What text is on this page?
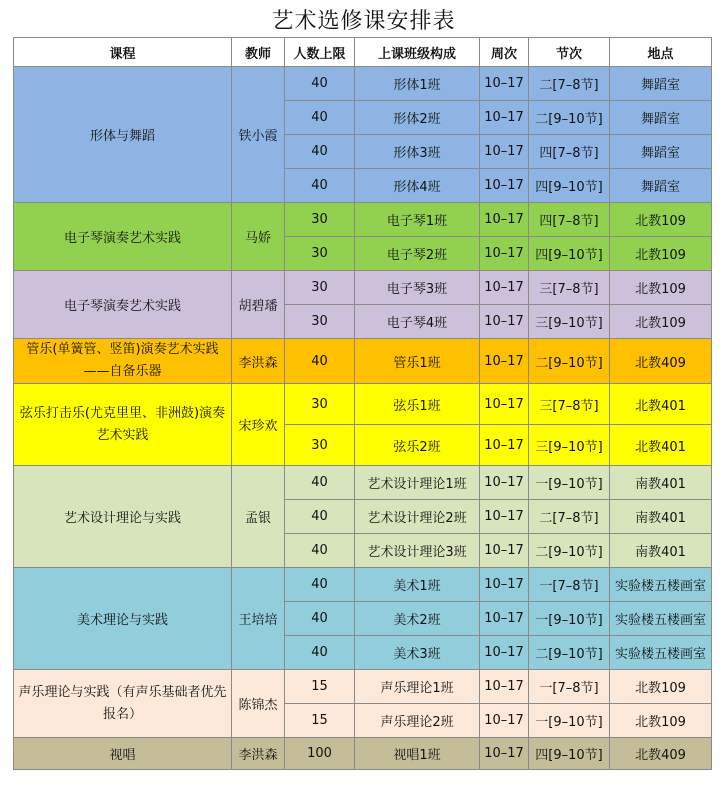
艺术选修课安排表
课程	教师	人数上限	上课班级构成	周次	节次	地点
形体与舞蹈	铁小霞	40	形体1班	10–17	二[7–8节]	舞蹈室
		40	形体2班	10–17	二[9–10节]	舞蹈室
		40	形体3班	10–17	四[7–8节]	舞蹈室
		40	形体4班	10–17	四[9–10节]	舞蹈室
电子琴演奏艺术实践	马娇	30	电子琴1班	10–17	四[7–8节]	北教109
		30	电子琴2班	10–17	四[9–10节]	北教109
电子琴演奏艺术实践	胡碧璠	30	电子琴3班	10–17	三[7–8节]	北教109
		30	电子琴4班	10–17	三[9–10节]	北教109
管乐(单簧管、竖笛)演奏艺术实践——自备乐器	李洪森	40	管乐1班	10–17	二[9–10节]	北教409
弦乐打击乐(尤克里里、非洲鼓)演奏艺术实践	宋珍欢	30	弦乐1班	10–17	三[7–8节]	北教401
		30	弦乐2班	10–17	三[9–10节]	北教401
艺术设计理论与实践	孟银	40	艺术设计理论1班	10–17	一[9–10节]	南教401
		40	艺术设计理论2班	10–17	二[7–8节]	南教401
		40	艺术设计理论3班	10–17	二[9–10节]	南教401
美术理论与实践	王培培	40	美术1班	10–17	一[7–8节]	实验楼五楼画室
		40	美术2班	10–17	一[9–10节]	实验楼五楼画室
		40	美术3班	10–17	二[9–10节]	实验楼五楼画室
声乐理论与实践（有声乐基础者优先报名）	陈锦杰	15	声乐理论1班	10–17	一[7–8节]	北教109
		15	声乐理论2班	10–17	一[9–10节]	北教109
视唱	李洪森	100	视唱1班	10–17	四[9–10节]	北教409
